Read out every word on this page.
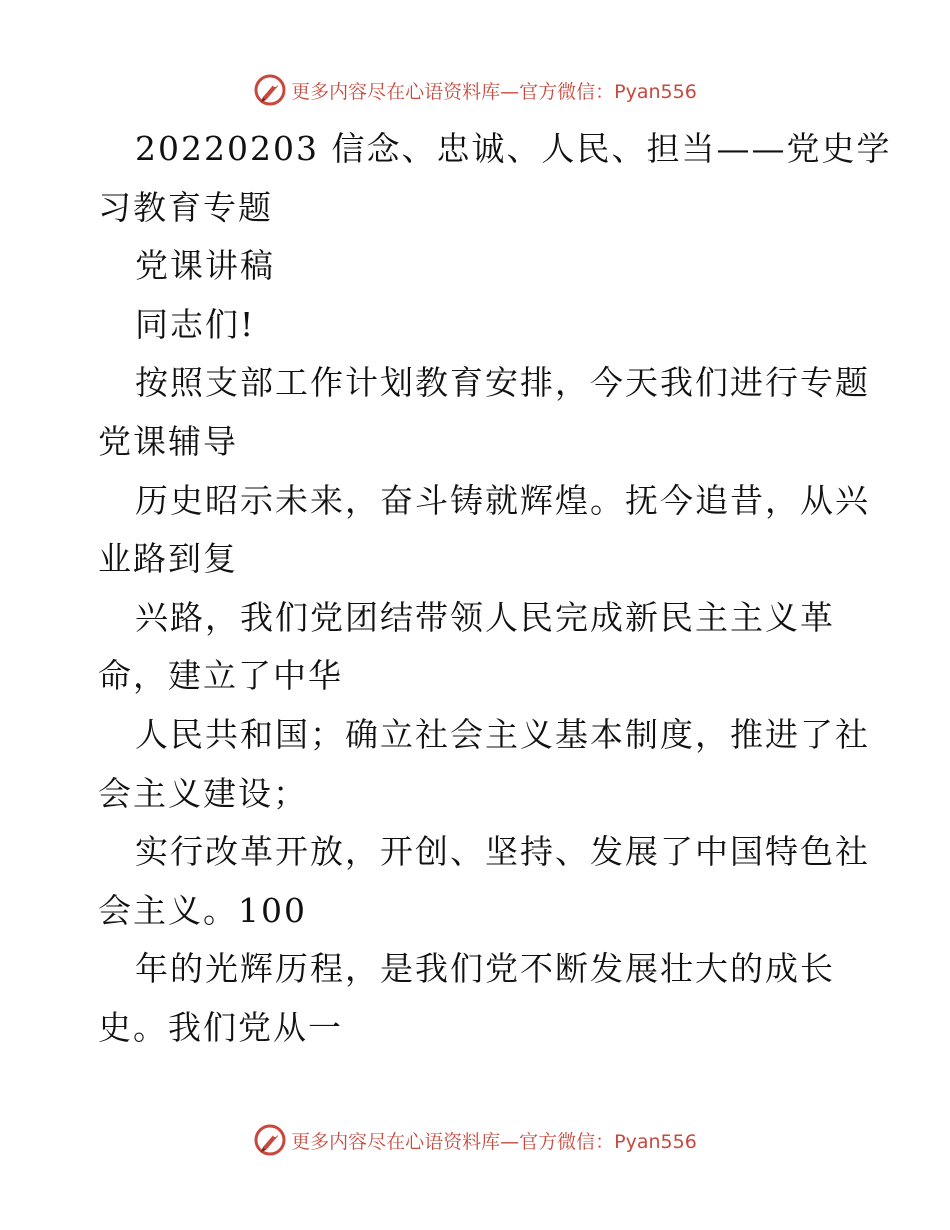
更多内容尽在心语资料库—官方微信：Pyan556

20220203 信念、忠诚、人民、担当——党史学

习教育专题

党课讲稿

同志们!

按照支部工作计划教育安排，今天我们进行专题

党课辅导

历史昭示未来，奋斗铸就辉煌。抚今追昔，从兴

业路到复

兴路，我们党团结带领人民完成新民主主义革

命，建立了中华

人民共和国；确立社会主义基本制度，推进了社

会主义建设；

实行改革开放，开创、坚持、发展了中国特色社

会主义。100

年的光辉历程，是我们党不断发展壮大的成长

史。我们党从一

更多内容尽在心语资料库—官方微信：Pyan556
